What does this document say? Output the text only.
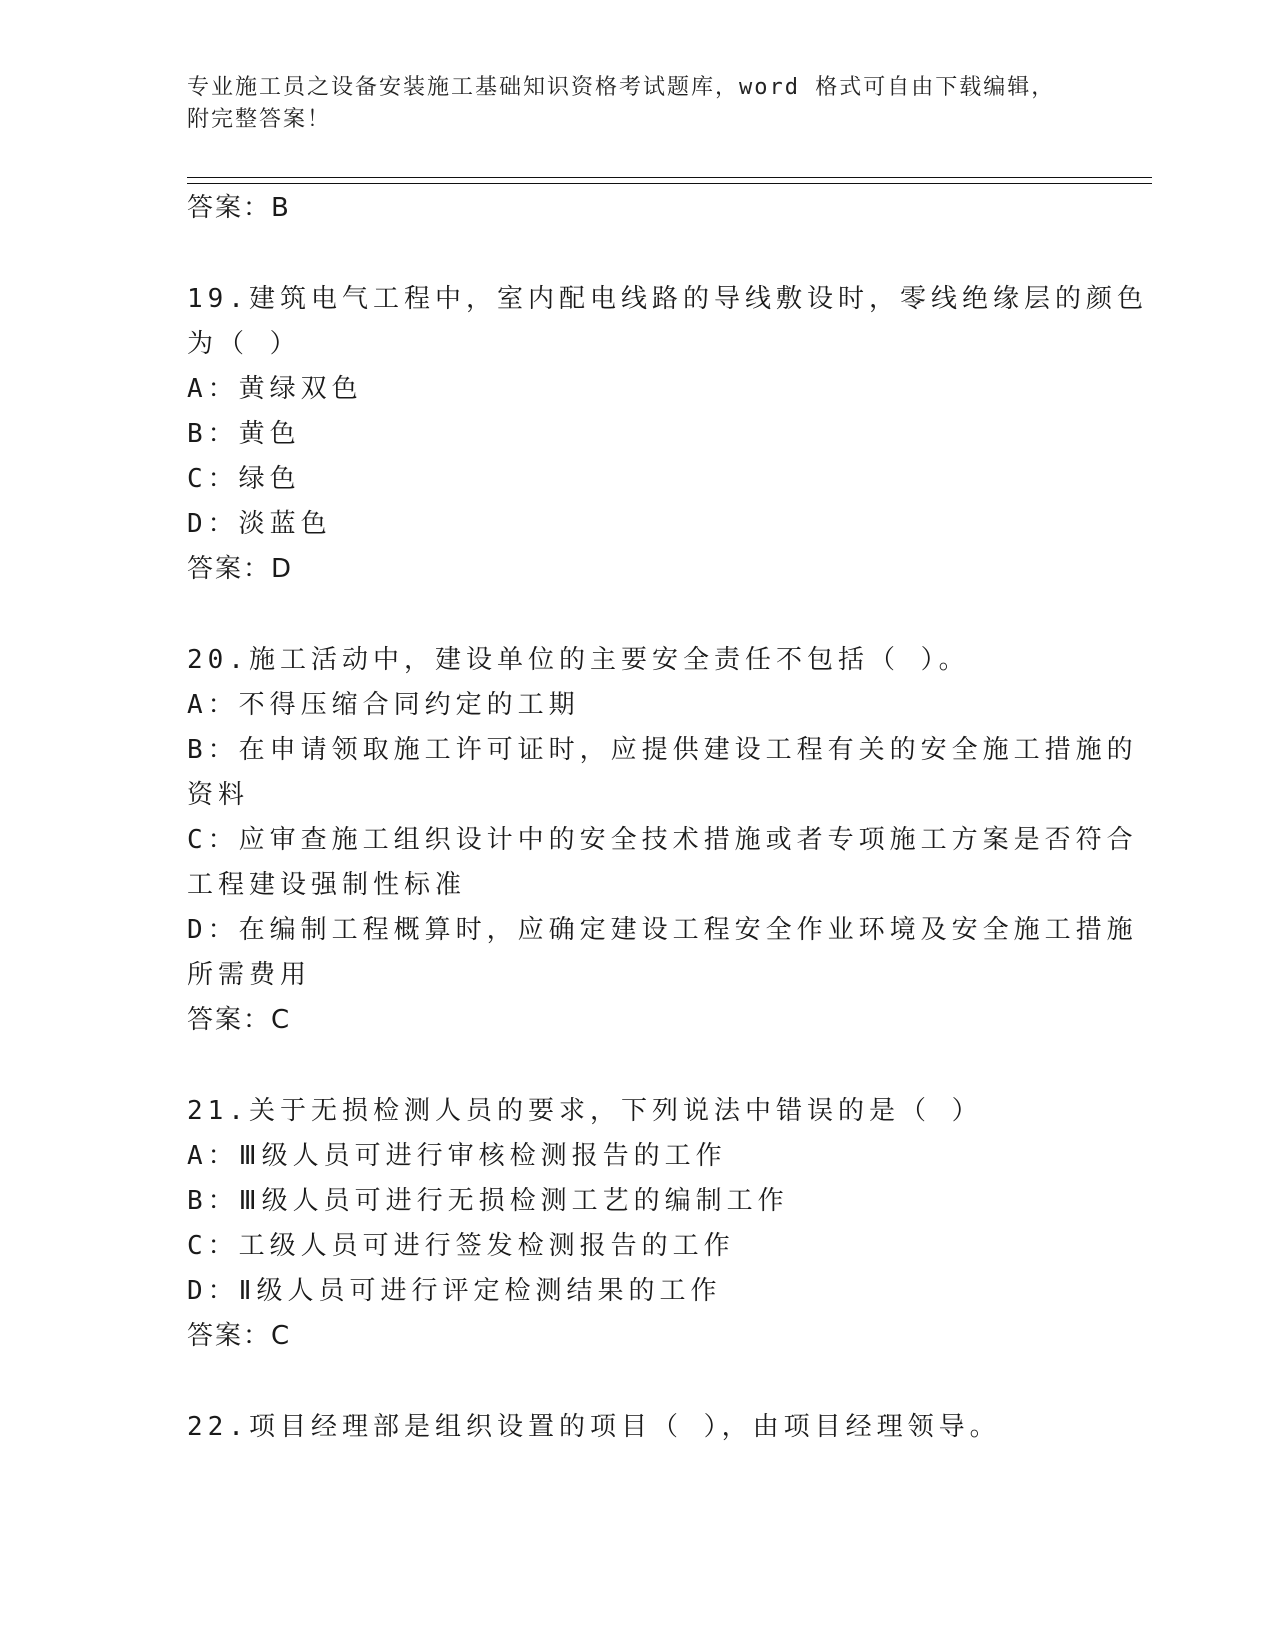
专业施工员之设备安装施工基础知识资格考试题库，word 格式可自由下载编辑，
附完整答案！
答案：B
19.建筑电气工程中，室内配电线路的导线敷设时，零线绝缘层的颜色
为（ ）
A：黄绿双色
B：黄色
C：绿色
D：淡蓝色
答案：D
20.施工活动中，建设单位的主要安全责任不包括（ ）。
A：不得压缩合同约定的工期
B：在申请领取施工许可证时，应提供建设工程有关的安全施工措施的
资料
C：应审查施工组织设计中的安全技术措施或者专项施工方案是否符合
工程建设强制性标准
D：在编制工程概算时，应确定建设工程安全作业环境及安全施工措施
所需费用
答案：C
21.关于无损检测人员的要求，下列说法中错误的是（ ）
A：Ⅲ级人员可进行审核检测报告的工作
B：Ⅲ级人员可进行无损检测工艺的编制工作
C：工级人员可进行签发检测报告的工作
D：Ⅱ级人员可进行评定检测结果的工作
答案：C
22.项目经理部是组织设置的项目（ ），由项目经理领导。
